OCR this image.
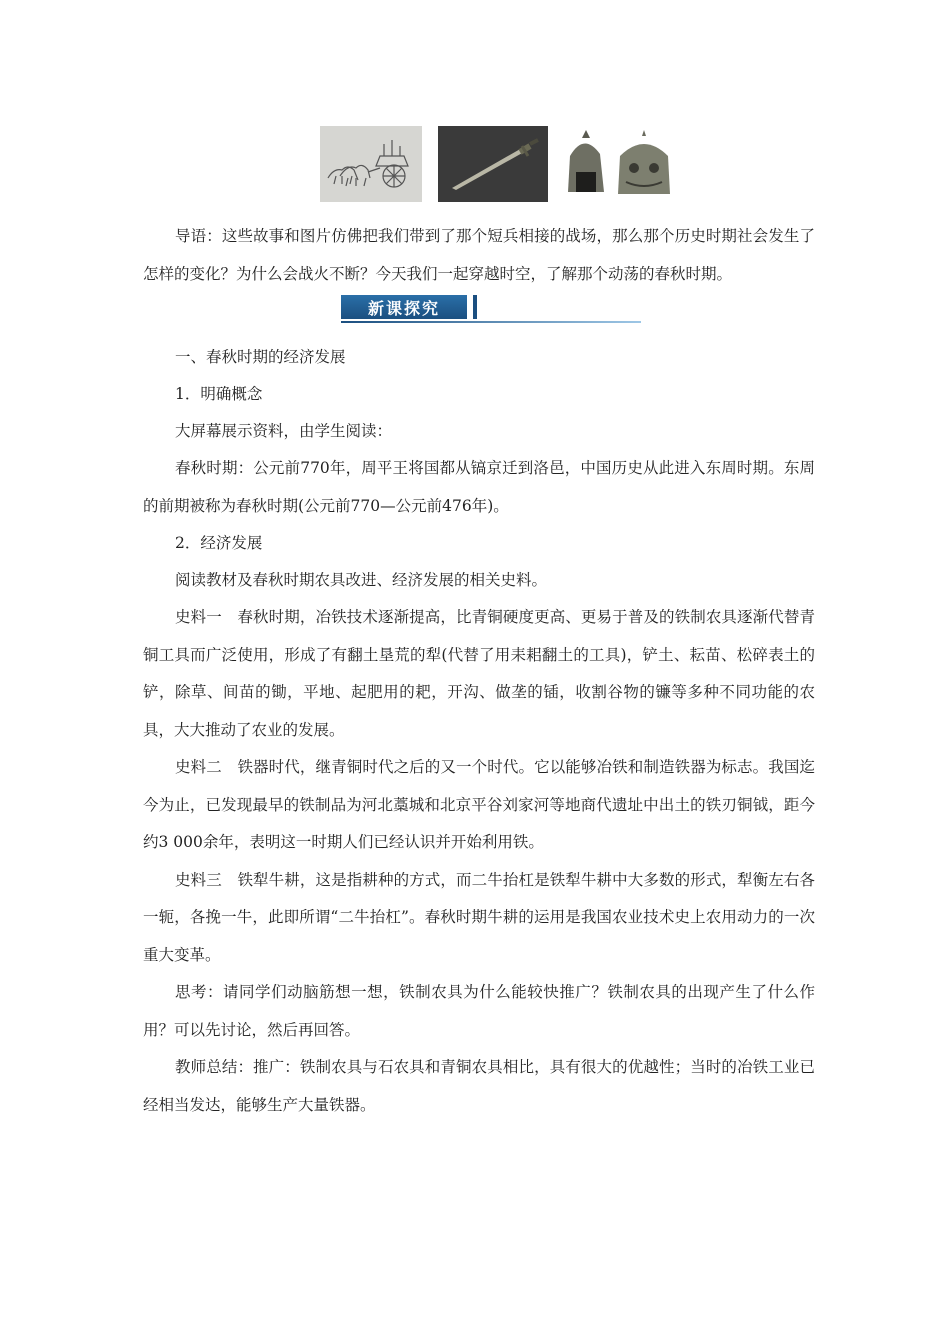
导语：这些故事和图片仿佛把我们带到了那个短兵相接的战场，那么那个历史时期社会发生了怎样的变化？为什么会战火不断？今天我们一起穿越时空，了解那个动荡的春秋时期。

新课探究

一、春秋时期的经济发展

1．明确概念

大屏幕展示资料，由学生阅读：

春秋时期：公元前770年，周平王将国都从镐京迁到洛邑，中国历史从此进入东周时期。东周的前期被称为春秋时期(公元前770—公元前476年)。

2．经济发展

阅读教材及春秋时期农具改进、经济发展的相关史料。

史料一　春秋时期，冶铁技术逐渐提高，比青铜硬度更高、更易于普及的铁制农具逐渐代替青铜工具而广泛使用，形成了有翻土垦荒的犁(代替了用耒耜翻土的工具)，铲土、耘苗、松碎表土的铲，除草、间苗的锄，平地、起肥用的耙，开沟、做垄的锸，收割谷物的镰等多种不同功能的农具，大大推动了农业的发展。

史料二　铁器时代，继青铜时代之后的又一个时代。它以能够冶铁和制造铁器为标志。我国迄今为止，已发现最早的铁制品为河北藁城和北京平谷刘家河等地商代遗址中出土的铁刃铜钺，距今约3 000余年，表明这一时期人们已经认识并开始利用铁。

史料三　铁犁牛耕，这是指耕种的方式，而二牛抬杠是铁犁牛耕中大多数的形式，犁衡左右各一轭，各挽一牛，此即所谓“二牛抬杠”。春秋时期牛耕的运用是我国农业技术史上农用动力的一次重大变革。

思考：请同学们动脑筋想一想，铁制农具为什么能较快推广？铁制农具的出现产生了什么作用？可以先讨论，然后再回答。

教师总结：推广：铁制农具与石农具和青铜农具相比，具有很大的优越性；当时的冶铁工业已经相当发达，能够生产大量铁器。
